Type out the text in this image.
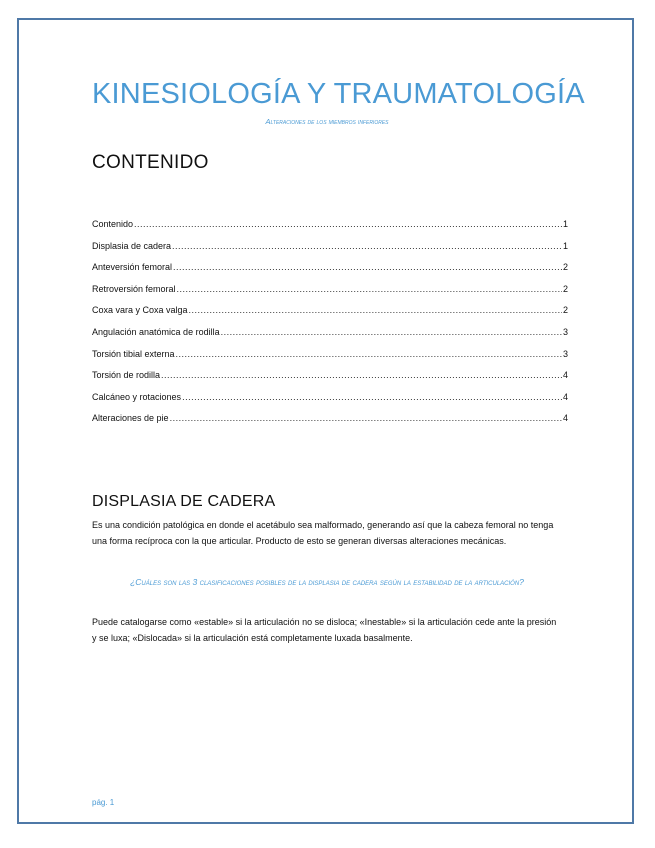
KINESIOLOGÍA Y TRAUMATOLOGÍA
Alteraciones de los miembros inferiores
CONTENIDO
Contenido .....	1
Displasia de cadera .....	1
Anteversión femoral .....	2
Retroversión femoral .....	2
Coxa vara y Coxa valga .....	2
Angulación anatómica de rodilla .....	3
Torsión tibial externa .....	3
Torsión de rodilla .....	4
Calcáneo y rotaciones .....	4
Alteraciones de pie .....	4
DISPLASIA DE CADERA
Es una condición patológica en donde el acetábulo sea malformado, generando así que la cabeza femoral no tenga una forma recíproca con la que articular. Producto de esto se generan diversas alteraciones mecánicas.
¿Cuáles son las 3 clasificaciones posibles de la displasia de cadera según la estabilidad de la articulación?
Puede catalogarse como «estable» si la articulación no se disloca; «Inestable» si la articulación cede ante la presión y se luxa; «Dislocada» si la articulación está completamente luxada basalmente.
pág. 1
